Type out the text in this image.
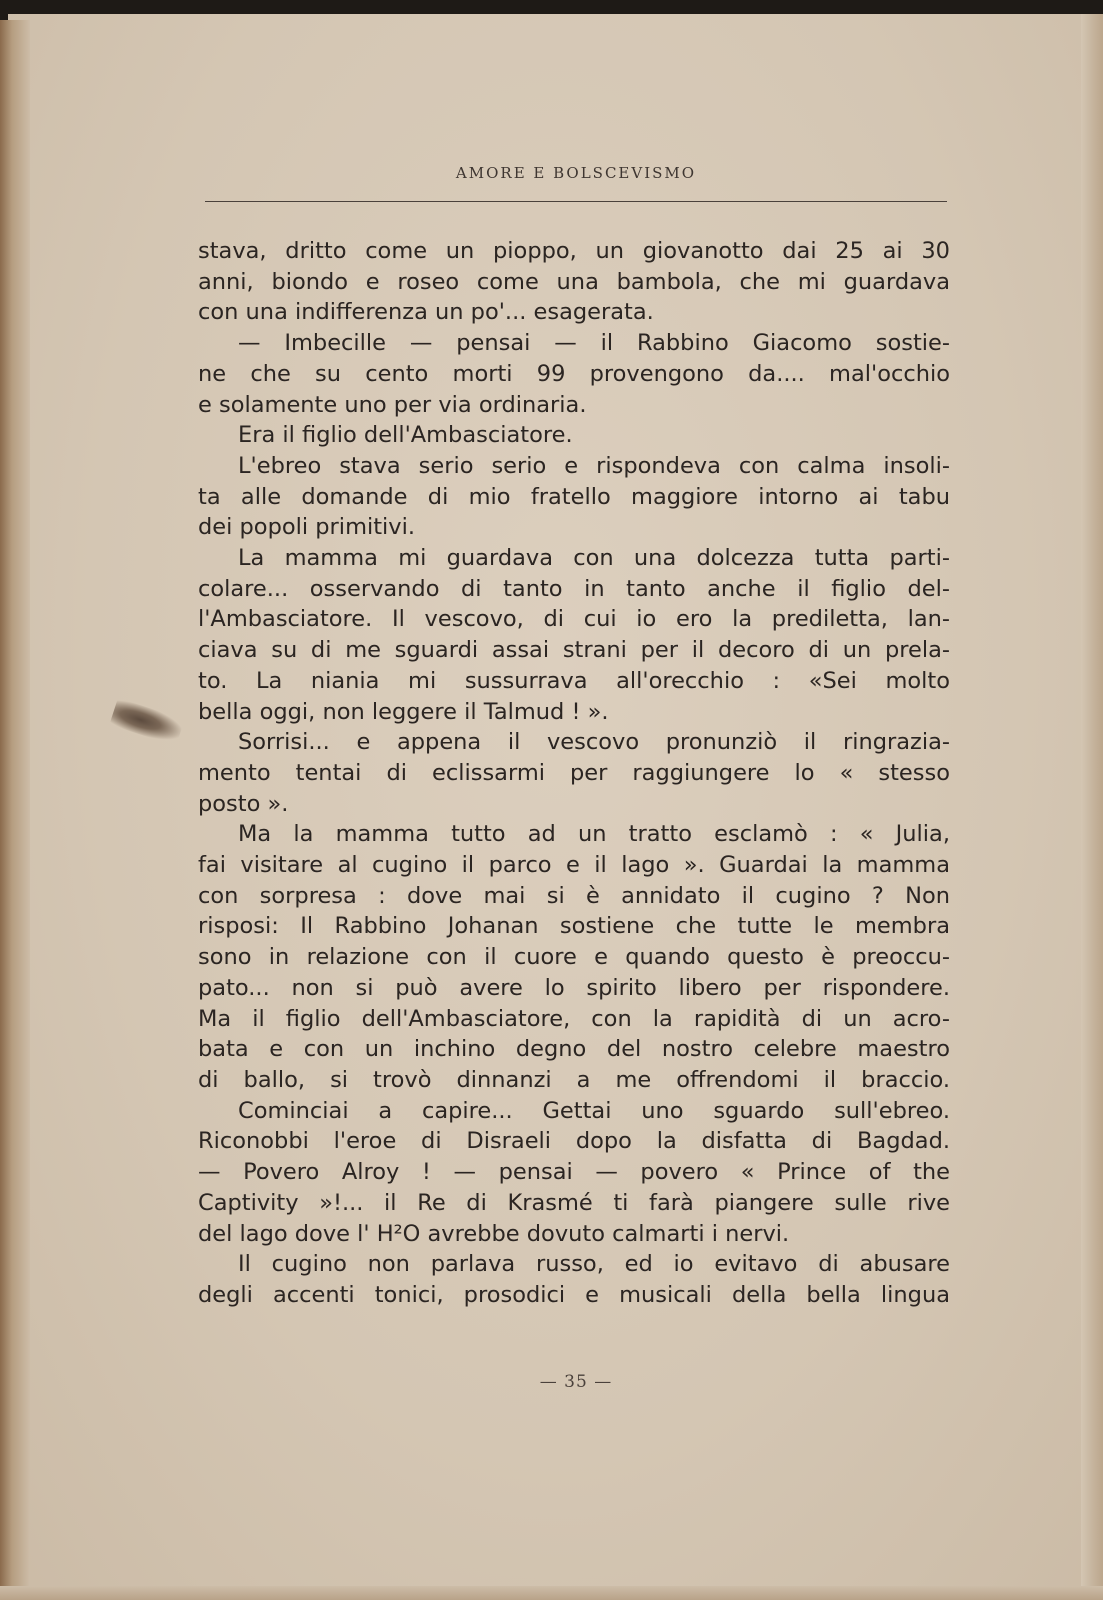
AMORE E BOLSCEVISMO
stava, dritto come un pioppo, un giovanotto dai 25 ai 30
anni, biondo e roseo come una bambola, che mi guardava
con una indifferenza un po'... esagerata.
— Imbecille — pensai — il Rabbino Giacomo sostie-
ne che su cento morti 99 provengono da.... mal'occhio
e solamente uno per via ordinaria.
Era il figlio dell'Ambasciatore.
L'ebreo stava serio serio e rispondeva con calma insoli-
ta alle domande di mio fratello maggiore intorno ai tabu
dei popoli primitivi.
La mamma mi guardava con una dolcezza tutta parti-
colare... osservando di tanto in tanto anche il figlio del-
l'Ambasciatore. Il vescovo, di cui io ero la prediletta, lan-
ciava su di me sguardi assai strani per il decoro di un prela-
to. La niania mi sussurrava all'orecchio : «Sei molto
bella oggi, non leggere il Talmud ! ».
Sorrisi... e appena il vescovo pronunziò il ringrazia-
mento tentai di eclissarmi per raggiungere lo « stesso
posto ».
Ma la mamma tutto ad un tratto esclamò : « Julia,
fai visitare al cugino il parco e il lago ». Guardai la mamma
con sorpresa : dove mai si è annidato il cugino ? Non
risposi: Il Rabbino Johanan sostiene che tutte le membra
sono in relazione con il cuore e quando questo è preoccu-
pato... non si può avere lo spirito libero per rispondere.
Ma il figlio dell'Ambasciatore, con la rapidità di un acro-
bata e con un inchino degno del nostro celebre maestro
di ballo, si trovò dinnanzi a me offrendomi il braccio.
Cominciai a capire... Gettai uno sguardo sull'ebreo.
Riconobbi l'eroe di Disraeli dopo la disfatta di Bagdad.
— Povero Alroy ! — pensai — povero « Prince of the
Captivity »!... il Re di Krasmé ti farà piangere sulle rive
del lago dove l' H²O avrebbe dovuto calmarti i nervi.
Il cugino non parlava russo, ed io evitavo di abusare
degli accenti tonici, prosodici e musicali della bella lingua
— 35 —
